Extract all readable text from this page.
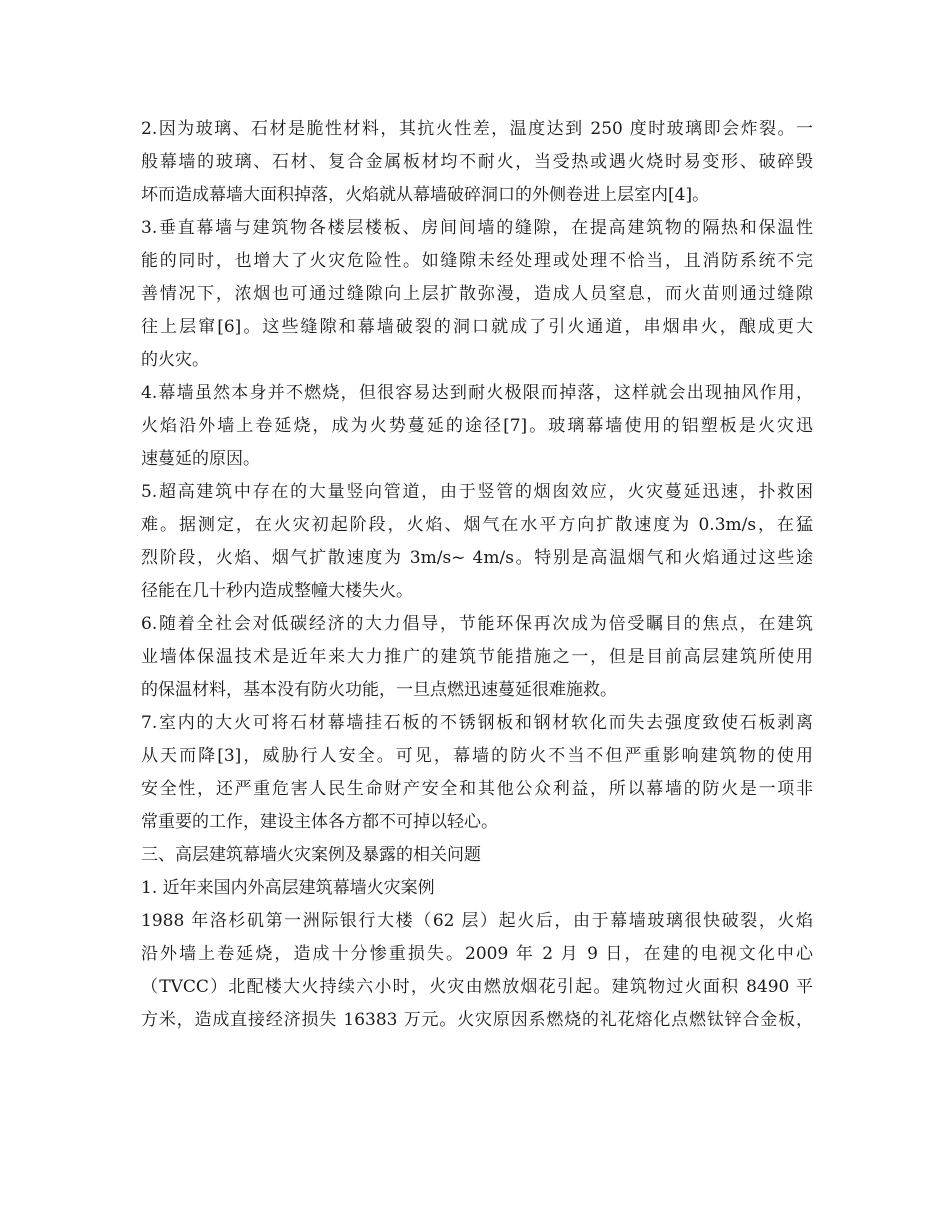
2.因为玻璃、石材是脆性材料，其抗火性差，温度达到 250 度时玻璃即会炸裂。一
般幕墙的玻璃、石材、复合金属板材均不耐火，当受热或遇火烧时易变形、破碎毁
坏而造成幕墙大面积掉落，火焰就从幕墙破碎洞口的外侧卷进上层室内[4]。
3.垂直幕墙与建筑物各楼层楼板、房间间墙的缝隙，在提高建筑物的隔热和保温性
能的同时，也增大了火灾危险性。如缝隙未经处理或处理不恰当，且消防系统不完
善情况下，浓烟也可通过缝隙向上层扩散弥漫，造成人员窒息，而火苗则通过缝隙
往上层窜[6]。这些缝隙和幕墙破裂的洞口就成了引火通道，串烟串火，酿成更大
的火灾。
4.幕墙虽然本身并不燃烧，但很容易达到耐火极限而掉落，这样就会出现抽风作用，
火焰沿外墙上卷延烧，成为火势蔓延的途径[7]。玻璃幕墙使用的铝塑板是火灾迅
速蔓延的原因。
5.超高建筑中存在的大量竖向管道，由于竖管的烟囱效应，火灾蔓延迅速，扑救困
难。据测定，在火灾初起阶段，火焰、烟气在水平方向扩散速度为 0.3m/s，在猛
烈阶段，火焰、烟气扩散速度为 3m/s~ 4m/s。特别是高温烟气和火焰通过这些途
径能在几十秒内造成整幢大楼失火。
6.随着全社会对低碳经济的大力倡导，节能环保再次成为倍受瞩目的焦点，在建筑
业墙体保温技术是近年来大力推广的建筑节能措施之一，但是目前高层建筑所使用
的保温材料，基本没有防火功能，一旦点燃迅速蔓延很难施救。
7.室内的大火可将石材幕墙挂石板的不锈钢板和钢材软化而失去强度致使石板剥离
从天而降[3]，威胁行人安全。可见，幕墙的防火不当不但严重影响建筑物的使用
安全性，还严重危害人民生命财产安全和其他公众利益，所以幕墙的防火是一项非
常重要的工作，建设主体各方都不可掉以轻心。
三、高层建筑幕墙火灾案例及暴露的相关问题
1. 近年来国内外高层建筑幕墙火灾案例
1988 年洛杉矶第一洲际银行大楼（62 层）起火后，由于幕墙玻璃很快破裂，火焰
沿外墙上卷延烧，造成十分惨重损失。2009 年 2 月 9 日，在建的电视文化中心
（TVCC）北配楼大火持续六小时，火灾由燃放烟花引起。建筑物过火面积 8490 平
方米，造成直接经济损失 16383 万元。火灾原因系燃烧的礼花熔化点燃钛锌合金板，
